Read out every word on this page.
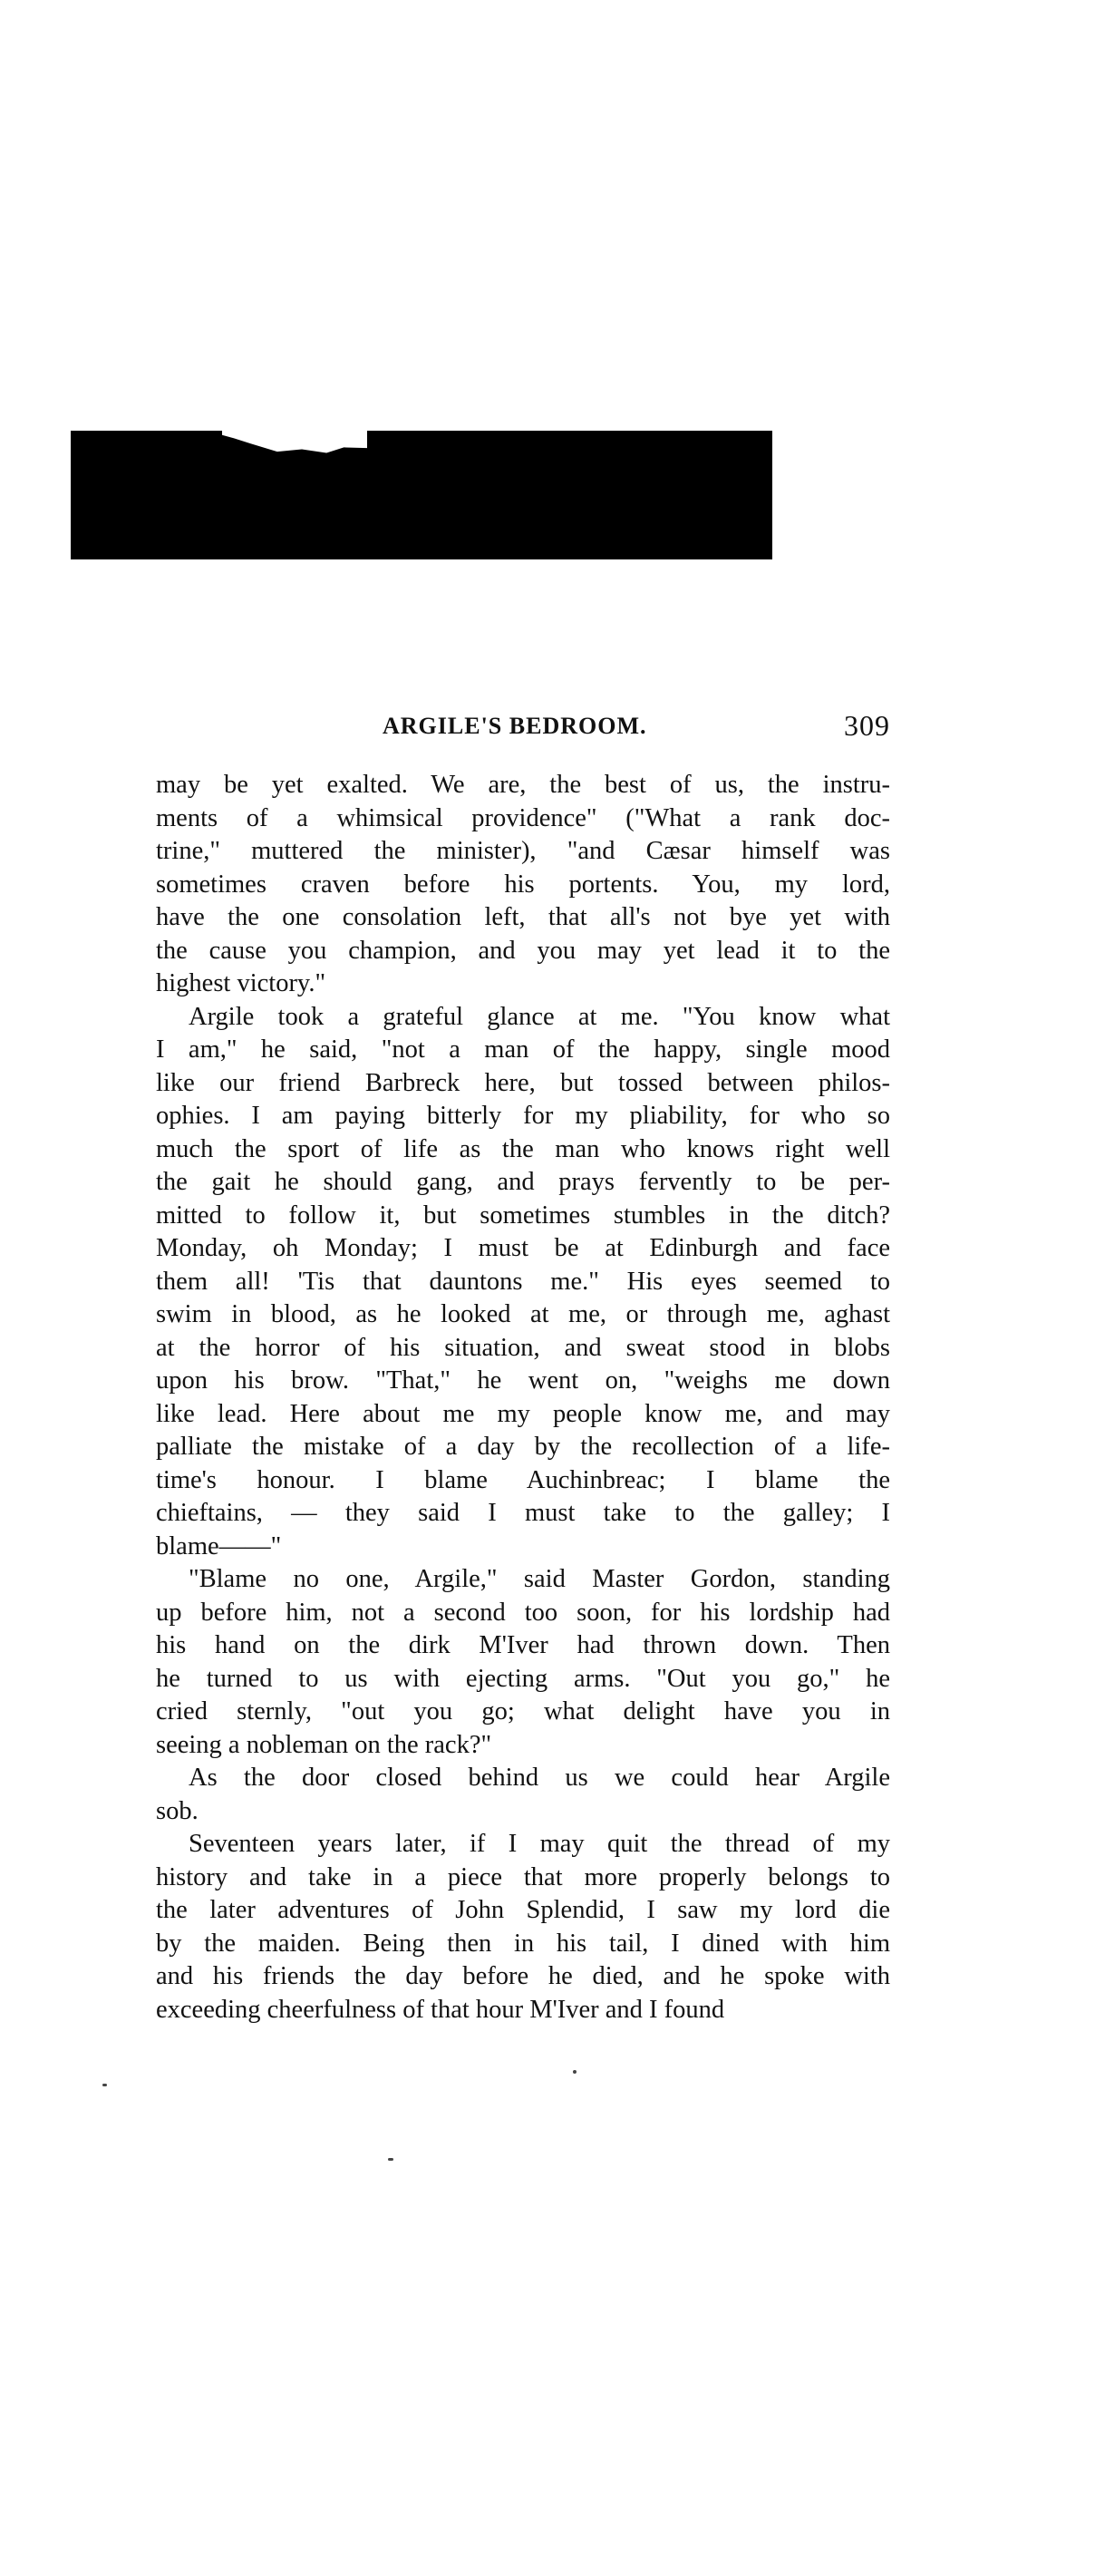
ARGILE'S BEDROOM.	309
may be yet exalted. We are, the best of us, the instru-
ments of a whimsical providence" ("What a rank doc-
trine," muttered the minister), "and Cæsar himself was
sometimes craven before his portents. You, my lord,
have the one consolation left, that all's not bye yet with
the cause you champion, and you may yet lead it to the
highest victory."
Argile took a grateful glance at me. "You know what
I am," he said, "not a man of the happy, single mood
like our friend Barbreck here, but tossed between philos-
ophies. I am paying bitterly for my pliability, for who so
much the sport of life as the man who knows right well
the gait he should gang, and prays fervently to be per-
mitted to follow it, but sometimes stumbles in the ditch?
Monday, oh Monday; I must be at Edinburgh and face
them all! 'Tis that dauntons me." His eyes seemed to
swim in blood, as he looked at me, or through me, aghast
at the horror of his situation, and sweat stood in blobs
upon his brow. "That," he went on, "weighs me down
like lead. Here about me my people know me, and may
palliate the mistake of a day by the recollection of a life-
time's honour. I blame Auchinbreac; I blame the
chieftains, — they said I must take to the galley; I
blame——"
"Blame no one, Argile," said Master Gordon, standing
up before him, not a second too soon, for his lordship had
his hand on the dirk M'Iver had thrown down. Then
he turned to us with ejecting arms. "Out you go," he
cried sternly, "out you go; what delight have you in
seeing a nobleman on the rack?"
As the door closed behind us we could hear Argile
sob.
Seventeen years later, if I may quit the thread of my
history and take in a piece that more properly belongs to
the later adventures of John Splendid, I saw my lord die
by the maiden. Being then in his tail, I dined with him
and his friends the day before he died, and he spoke with
exceeding cheerfulness of that hour M'Iver and I found
